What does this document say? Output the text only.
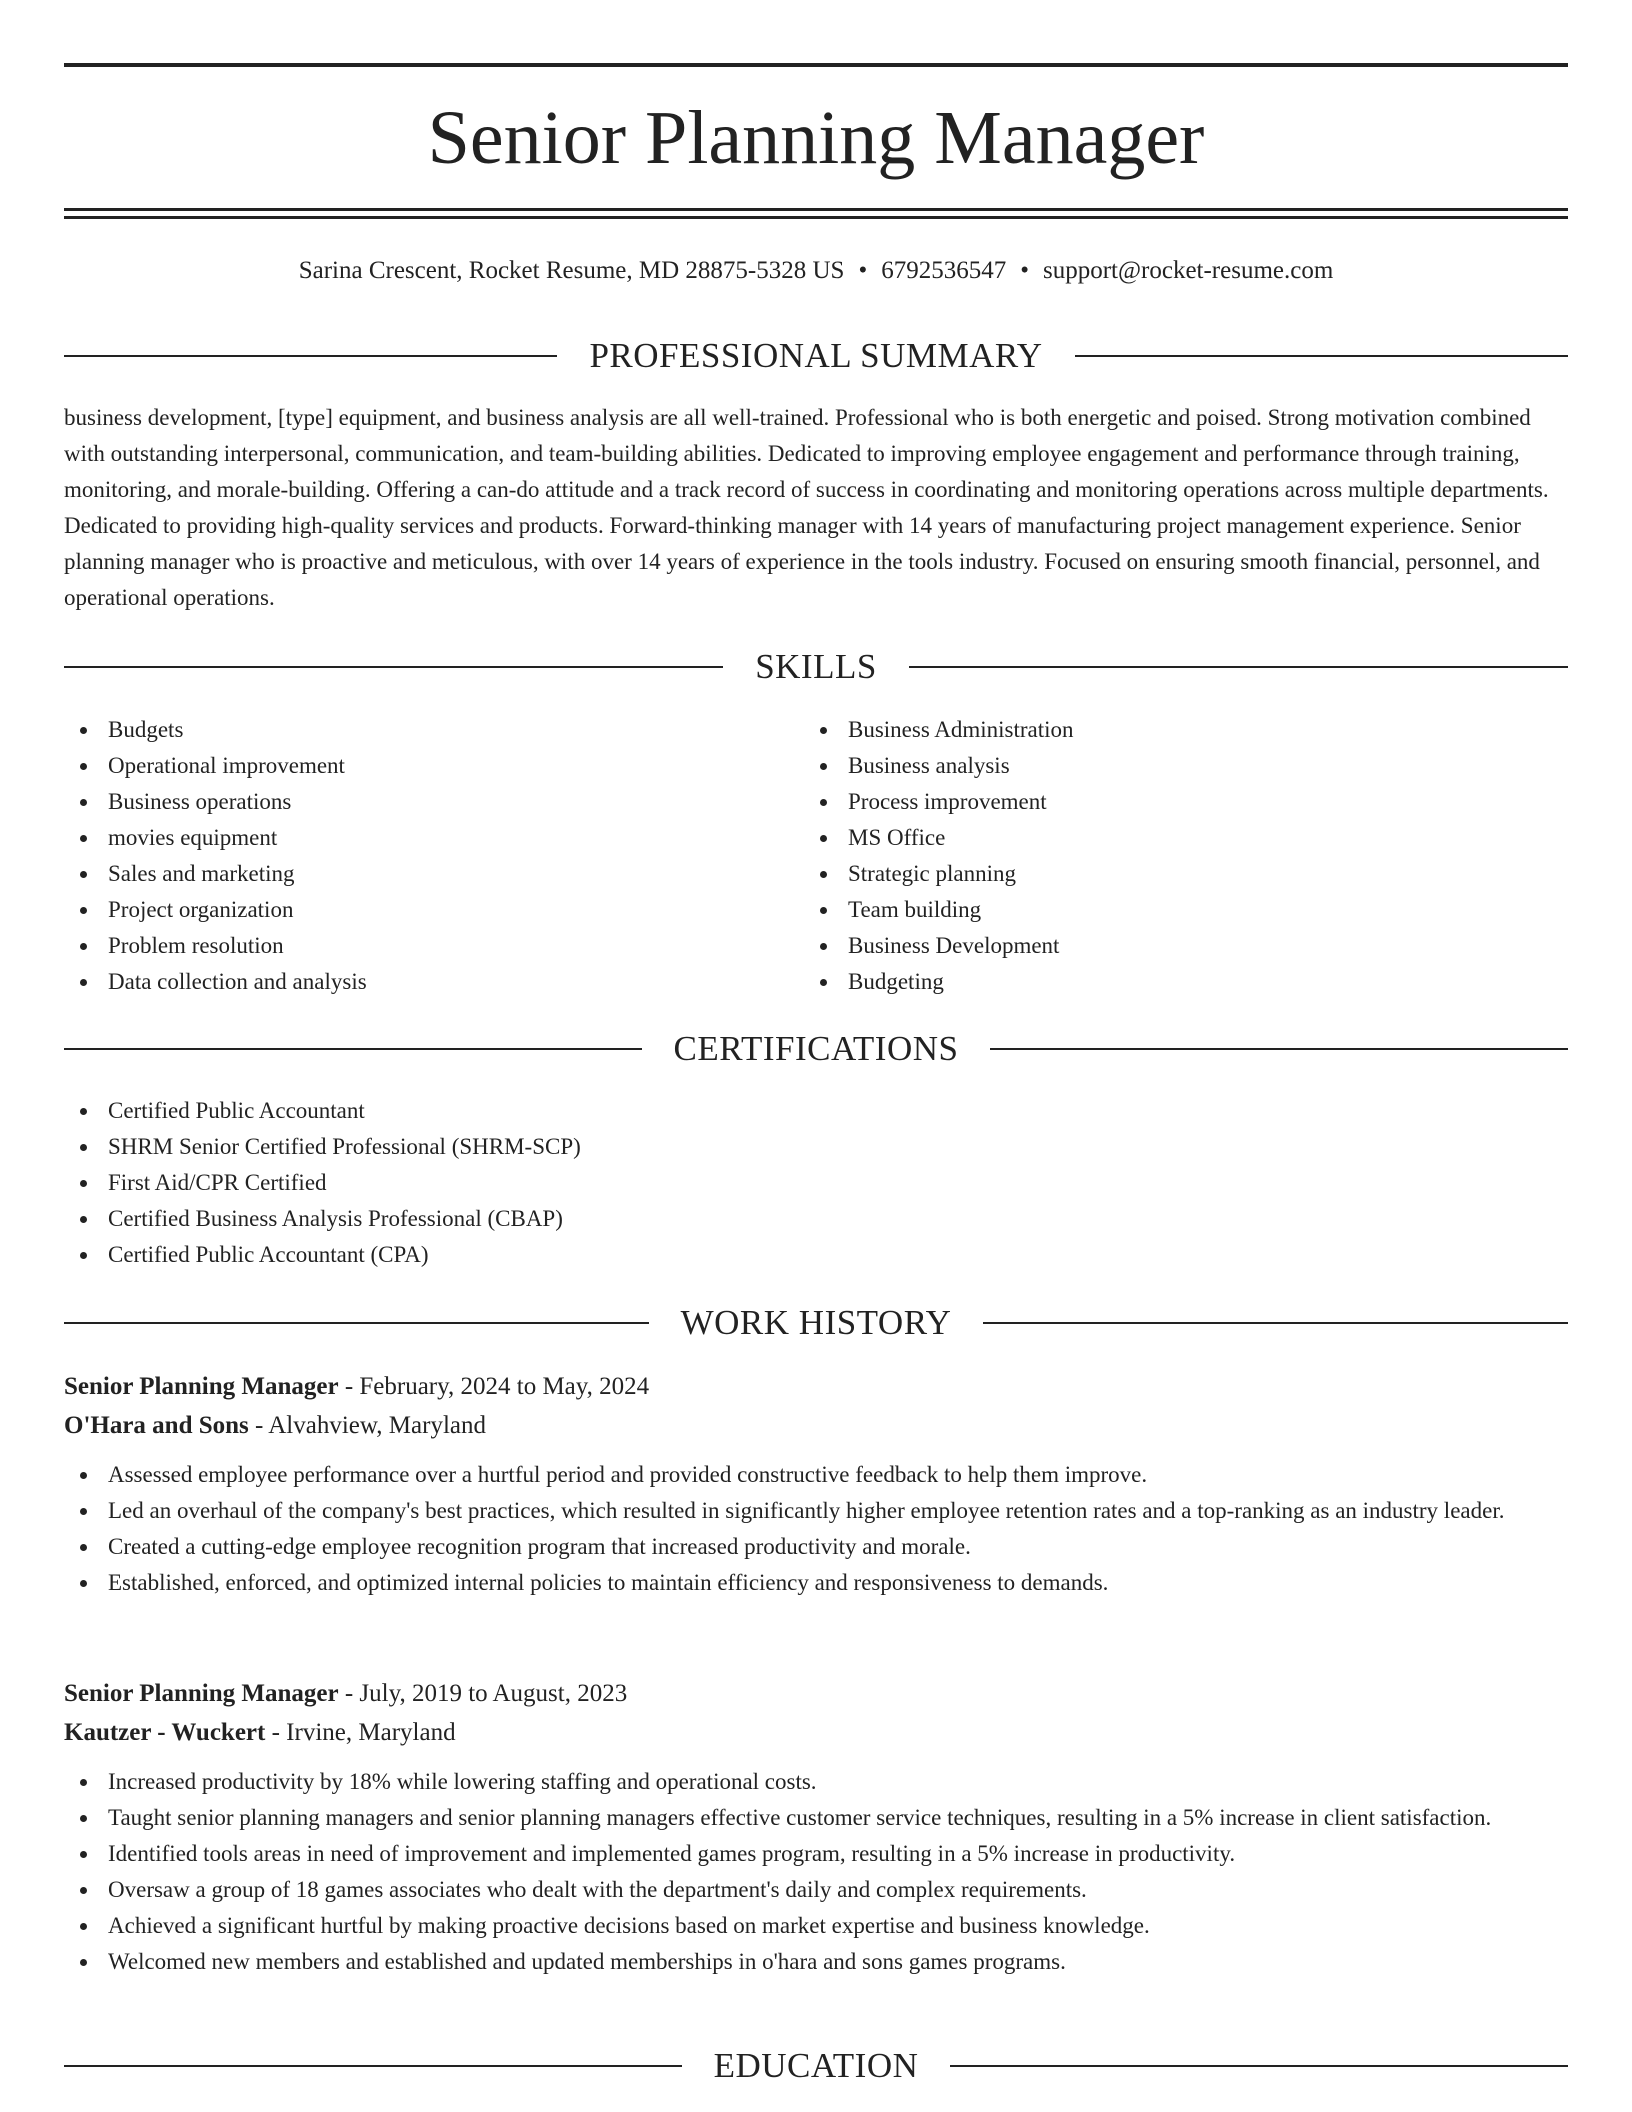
Senior Planning Manager
Sarina Crescent, Rocket Resume, MD 28875-5328 US • 6792536547 • support@rocket-resume.com
PROFESSIONAL SUMMARY

business development, [type] equipment, and business analysis are all well-trained. Professional who is both energetic and poised. Strong motivation combined with outstanding interpersonal, communication, and team-building abilities. Dedicated to improving employee engagement and performance through training, monitoring, and morale-building. Offering a can-do attitude and a track record of success in coordinating and monitoring operations across multiple departments. Dedicated to providing high-quality services and products. Forward-thinking manager with 14 years of manufacturing project management experience. Senior planning manager who is proactive and meticulous, with over 14 years of experience in the tools industry. Focused on ensuring smooth financial, personnel, and operational operations.

SKILLS
Budgets
Operational improvement
Business operations
movies equipment
Sales and marketing
Project organization
Problem resolution
Data collection and analysis
Business Administration
Business analysis
Process improvement
MS Office
Strategic planning
Team building
Business Development
Budgeting
CERTIFICATIONS
Certified Public Accountant
SHRM Senior Certified Professional (SHRM-SCP)
First Aid/CPR Certified
Certified Business Analysis Professional (CBAP)
Certified Public Accountant (CPA)
WORK HISTORY
Senior Planning Manager - February, 2024 to May, 2024
O'Hara and Sons - Alvahview, Maryland
Assessed employee performance over a hurtful period and provided constructive feedback to help them improve.
Led an overhaul of the company's best practices, which resulted in significantly higher employee retention rates and a top-ranking as an industry leader.
Created a cutting-edge employee recognition program that increased productivity and morale.
Established, enforced, and optimized internal policies to maintain efficiency and responsiveness to demands.
Senior Planning Manager - July, 2019 to August, 2023
Kautzer - Wuckert - Irvine, Maryland
Increased productivity by 18% while lowering staffing and operational costs.
Taught senior planning managers and senior planning managers effective customer service techniques, resulting in a 5% increase in client satisfaction.
Identified tools areas in need of improvement and implemented games program, resulting in a 5% increase in productivity.
Oversaw a group of 18 games associates who dealt with the department's daily and complex requirements.
Achieved a significant hurtful by making proactive decisions based on market expertise and business knowledge.
Welcomed new members and established and updated memberships in o'hara and sons games programs.
EDUCATION
